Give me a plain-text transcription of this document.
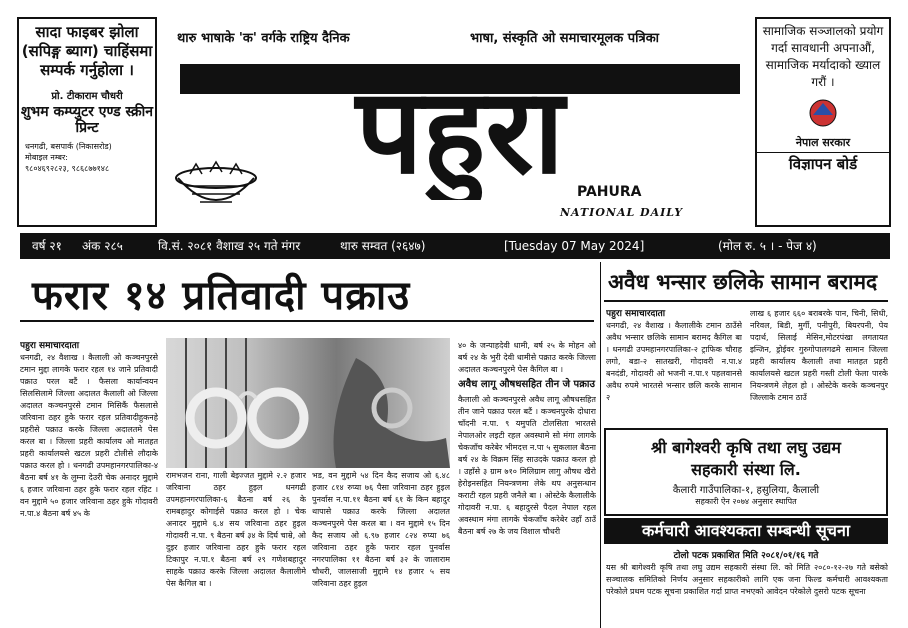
सादा फाइबर झोला (सपिङ्ग ब्याग) चाहिंसमा सम्पर्क गर्नुहोला ।
प्रो. टीकाराम चौधरी
शुभम कम्प्युटर एण्ड स्क्रीन प्रिन्ट
धनगढी, बसपार्क (निकासरोड)
मोबाइल नम्बर:
९८०४६९२८२३, ९८६८७७१४८
थारु भाषाके 'क' वर्गके राष्ट्रिय दैनिक	भाषा, संस्कृति ओ समाचारमूलक पत्रिका
पहुरा PAHURA
NATIONAL DAILY
सामाजिक सञ्जालको प्रयोग गर्दा सावधानी अपनाऔं, सामाजिक मर्यादाको ख्याल गरौं ।
नेपाल सरकार
विज्ञापन बोर्ड
वर्ष २१ अंक २८५	वि.सं. २०८१ वैशाख २५ गते मंगर	थारु सम्वत (२६४७)	[Tuesday 07 May 2024]	(मोल रु. ५ । - पेज ४)
फरार १४ प्रतिवादी पक्राउ
पहुरा समाचारदाता
धनगढी, २४ वैशाख । कैलाली ओ कञ्चनपुरसे टमान मुद्दा लागके फरार रहल १४ जाने प्रतिवादी पक्राउ परल बटैं । फैसला कार्यान्वयन सिलसिलामे जिल्ला अदालत कैलाली ओ जिल्ला अदालत कञ्चनपुरसे टमान मिसिकैं फैसलासे जरिवाना ठहर हुके फरार रहल प्रतिवादीहुकनहे प्रहरीसे पक्राउ करके जिल्ला अदालतमे पेस करल बा । जिल्ला प्रहरी कार्यालय ओ मातहत प्रहरी कार्यालयसे खटल प्रहरी टोलीसे लौदाके पक्राउ करल हो । धनगढी उपमहानगरपालिका-४ बैठना बर्ष ४१ के लुम्ना देउरी चेक अनादर मुद्दामे ६ हजार जरिवाना ठहर हुके फरार रहल रहिट । वन मुद्दामे ५० हजार जरिवाना ठहर हुके गोदावरी न.पा.४ बैठना बर्ष ४५ के
रामभजन राना, गाली बेइज्जत मुद्दामे २.२ हजार जरिवाना ठहर हुइल धनगढी उपमहानगरपालिका-६ बैठना बर्ष २६ के रामबहादुर कोगाईसे पक्राउ करल हो । चेक अनादर मुद्दामे ६.४ सय जरिवाना ठहर हुइल गोदावरी न.पा. ९ बैठना बर्ष ३४ के दिर्घ चाम्रे, ओ दुइर हजार जरिवाना ठहर हुके फरार रहल टिकापुर न.पा.१ बैठना बर्ष २९ गणेशबहादुर साहके पक्राउ करके जिल्ला अदालत कैलालीमे पेस कैगिल बा ।
भड, वन मुद्दामे ५४ दिन कैद सजाय ओ ६.४८ हजार ८१४ रुप्या ७६ पैसा जरिवाना ठहर हुइल पुनर्वास न.पा.११ बैठना बर्ष ६१ के किन बहादुर थापासे पक्राउ करके जिल्ला अदालत कञ्चनपुरमे पेस करल बा । वन मुद्दामे १५ दिन कैद सजाय ओ ६.९७ हजार ८२४ रुप्या ७६ जरिवाना ठहर हुके फरार रहल पुनर्वास नगरपालिका ११ बैठना बर्ष ३२ के जालाराम चौधरी, जालसाजी मुद्दामे १४ हजार ५ सय जरिवाना ठहर हुइल
४० के जन्पाहदेवी धामी, बर्ष २५ के मोहन ओ बर्ष २४ के भुरी देवी धामीसे पक्राउ करके जिल्ला अदालत कञ्चनपुरमे पेस कैगिल बा ।
अवैध लागू औषधसहित तीन जे पक्राउ
कैलाली ओ कञ्चनपुरसे अवैध लागू औषधसहित तीन जाने पक्राउ परल बटैं । कञ्चनपुरके दोधारा चाँदनी न.पा. ९ यमुपति टोलसिता भारतसे नेपालओर लइटी रहल अवस्थामे सो मंगा लागके चेकजाँच करेबेर भीमदत्त न.पा ५ सुकलाल बैठना बर्ष २४ के विक्रम सिंह साउदके पक्राउ करल हो । उहाँसे ३ ग्राम ७१० मिलिग्राम लागु औषध खैरो हेरोइनसहित नियन्त्रणमा लेके थप अनुसन्धान कराटी रहल प्रहरी जनैले बा । ओस्टेके कैलालीके गोदावरी न.पा. ६ बहादुरसे पैदल नेपाल रहल अवस्थाम मंगा लागके चेकजाँच करेबेर उहाँ ठाउँ बैठना बर्ष २७ के जय विशाल चौधरी
अवैध भन्सार छलिके सामान बरामद
पहुरा समाचारदाता
धनगढी, २४ वैशाख । कैलालीके टमान ठाउँसे अवैध भन्सार छलिके सामान बरामद कैगिल बा । धनगढी उपमहानगरपालिका-२ ट्राफिक चौराह लगो, बडा-२ सातखरी, गोदावरी न.पा.४ बनदंडी, गोदावरी ओ भजनी न.पा.१ पहलवानसे अवैध रुपमे भारतसे भन्सार छलि करके सामान २
लाख ६ हजार ६६० बराबरके पान, चिनी, सिधी, नरिवल, बिडी, मुर्गी, पनीपुरी, बियरपनी, पेय पदार्थ, सिलाई मेसिन,मोटरपंखा लगतायत इन्जिन, ड्रोईवर गुरुगोपालगढमे सामान जिल्ला प्रहरी कार्यालय कैलाली तथा मातहत प्रहरी कार्यालयसे खटल प्रहरी गस्ती टोली फेला पारके नियन्त्रणमे लेहल हो । ओस्टेके करके कञ्चनपुर जिल्लाके टमान ठाउँ
श्री बागेश्वरी कृषि तथा लघु उद्यम
सहकारी संस्था लि.
कैलारी गाउँपालिका-१, हसुलिया, कैलाली
सहकारी ऐन २०७४ अनुसार स्थापित
कर्मचारी आवश्यकता सम्बन्धी सूचना
टोलो पटक प्रकाशित मिति २०८१/०१/१६ गते
यस श्री बागेश्वरी कृषि तथा लघु उद्यम सहकारी संस्था लि. को मिति २०८०-१२-२७ गते बसेको सञ्चालक समितिको निर्णय अनुसार सहकारीको लागि एक जना फिल्ड कर्मचारी आवश्यकता परेकोले प्रथम पटक सूचना प्रकाशित गर्दा प्राप्त नभएको आवेदन परेकोले दुसरो पटक सूचना
